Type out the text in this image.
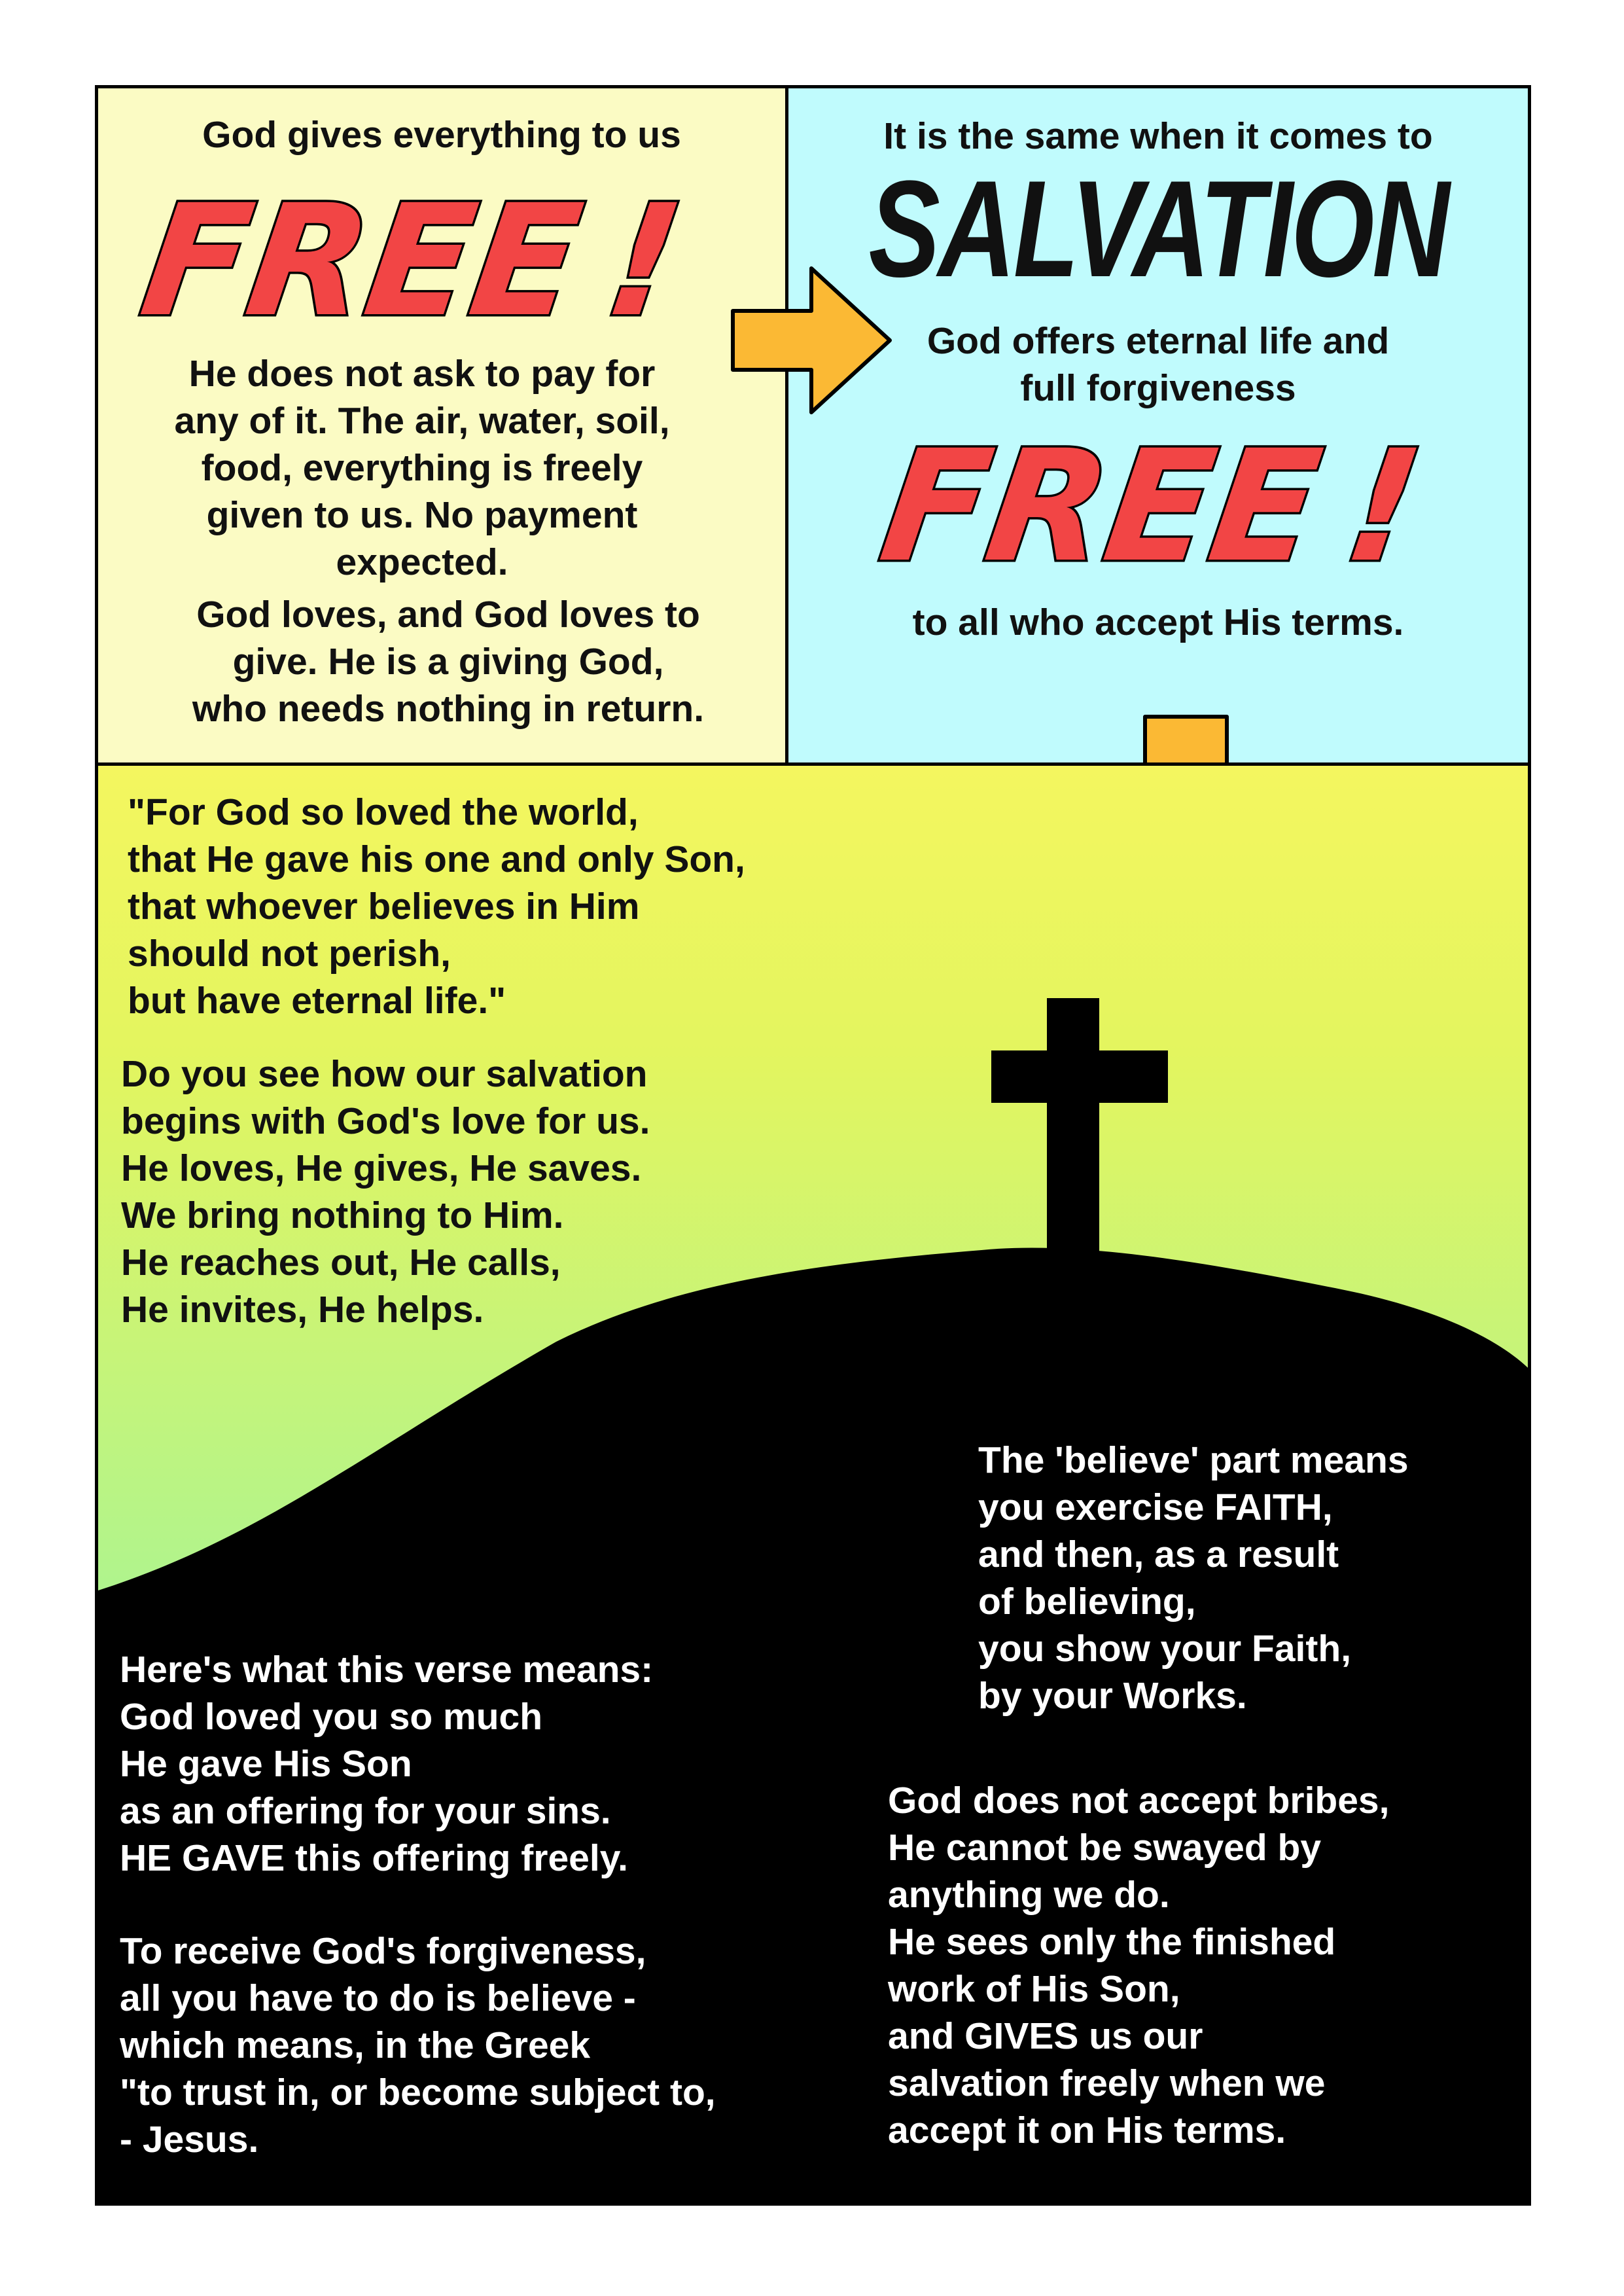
God gives everything to us

FREE !

He does not ask to pay for

any of it. The air, water, soil,

food, everything is freely

given to us. No payment

expected.

God loves, and God loves to

give. He is a giving God,

who needs nothing in return.

It is the same when it comes to

SALVATION

God offers eternal life and

full forgiveness

FREE !

to all who accept His terms.

"For God so loved the world,

that He gave his one and only Son,

that whoever believes in Him

should not perish,

but have eternal life."

Do you see how our salvation

begins with God's love for us.

He loves, He gives, He saves.

We bring nothing to Him.

He reaches out, He calls,

He invites, He helps.

The 'believe' part means

you exercise FAITH,

and then, as a result

of believing,

you show your Faith,

by your Works.

Here's what this verse means:

God loved you so much

He gave His Son

as an offering for your sins.

HE GAVE this offering freely.

To receive God's forgiveness,

all you have to do is believe -

which means, in the Greek

"to trust in, or become subject to,

- Jesus.

God does not accept bribes,

He cannot be swayed by

anything we do.

He sees only the finished

work of His Son,

and GIVES us our

salvation freely when we

accept it on His terms.
